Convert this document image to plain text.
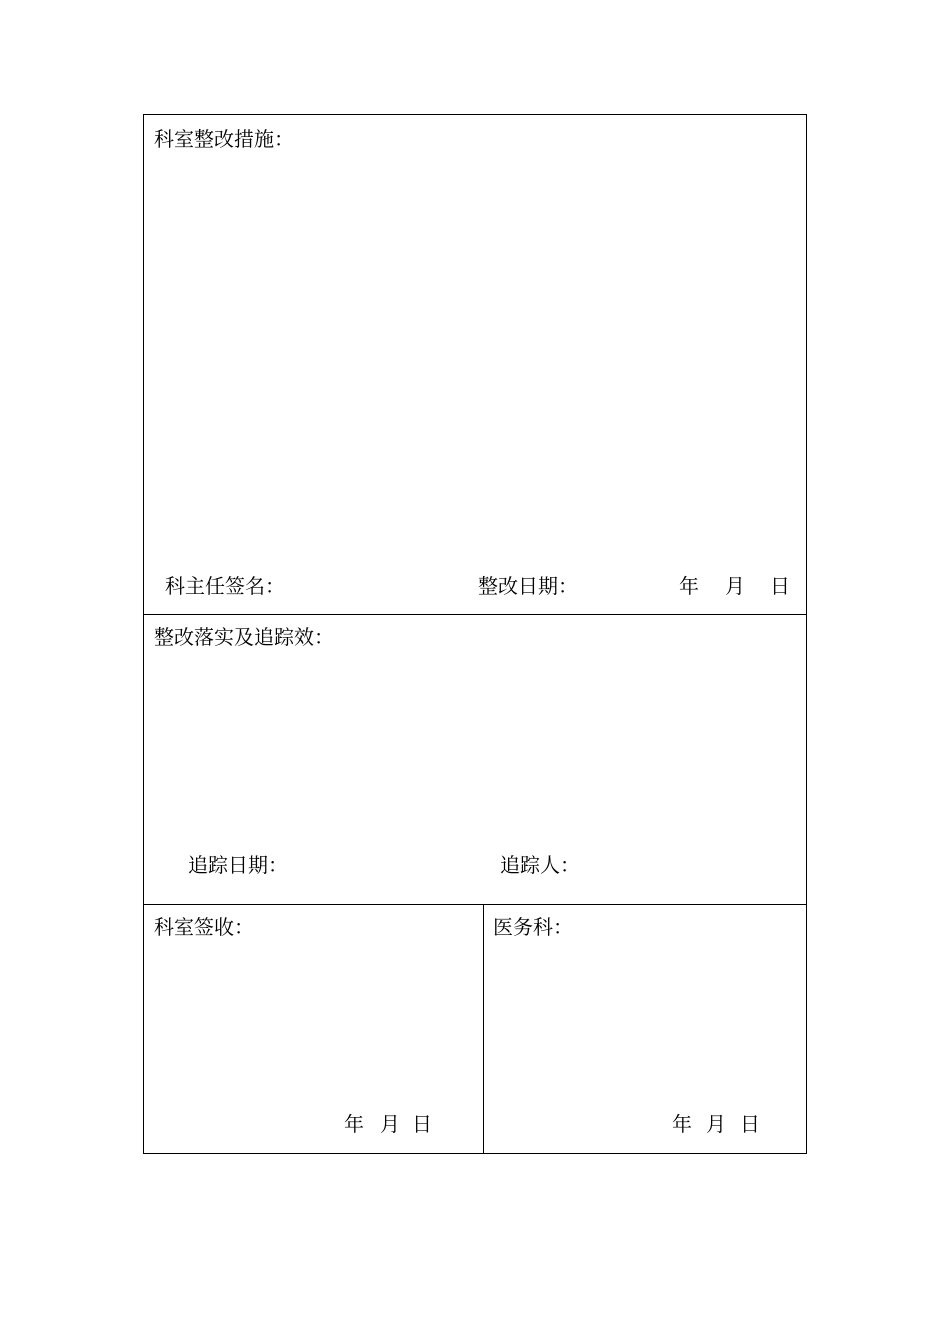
科室整改措施：
科主任签名：	整改日期：	年 月 日
整改落实及追踪效：
追踪日期：	追踪人：
科室签收：
年 月 日
医务科：
年 月 日
